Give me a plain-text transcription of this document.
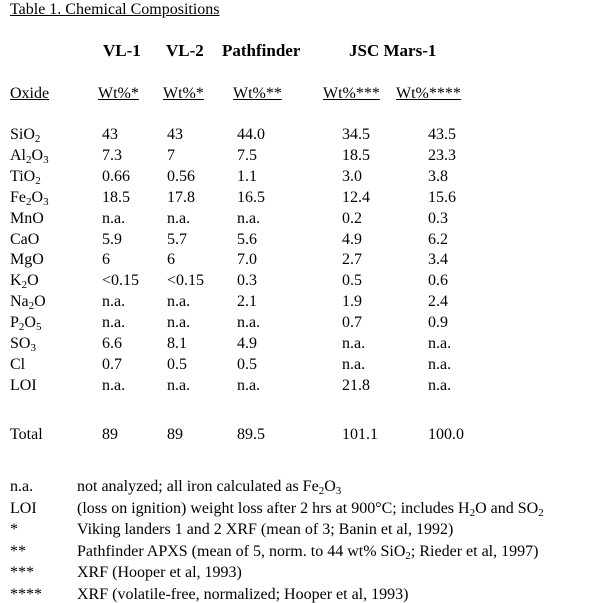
Table 1. Chemical Compositions
VL-1 VL-2 Pathfinder	JSC Mars-1
Oxide	Wt%* Wt%* Wt%**	Wt%*** Wt%****
SiO$_2$	43	43	44.0	34.5	43.5
$Al_2O_3$	7.3	7	7.5	18.5	23.3
TiO$_2$	0.66 0.56	1.1	3.0	3.8
$Fe_2O_3$	18.5 17.8	16.5	12.4	15.6
MnO	n.a.	n.a.	n.a.	0.2	0.3
CaO	5.9	5.7	5.6	4.9	6.2
MgO	6	6	7.0	2.7	3.4
$K_2O$	<0.15 <0.15 0.3	0.5	0.6
$Na_2O$	n.a.	n.a.	2.1	1.9	2.4
$P_2O_5$	n.a.	n.a.	n.a.	0.7	0.9
$SO_3$	6.6	8.1	4.9	n.a.	n.a.
Cl	0.7	0.5	0.5	n.a.	n.a.
LOI	n.a.	n.a.	n.a.	21.8	n.a.
Total	89	89	89.5	101.1	100.0
n.a.	not analyzed; all iron calculated as $Fe_2O_3$
LOI	(loss on ignition) weight loss after 2 hrs at 900°C; includes $H_2O$ and $SO_2$
*	Viking landers 1 and 2 XRF (mean of 3; Banin et al, 1992)
**	Pathfinder APXS (mean of 5, norm. to 44 wt% SiO$_2$; Rieder et al, 1997)
***	XRF (Hooper et al, 1993)
**** XRF (volatile-free, normalized; Hooper et al, 1993)
